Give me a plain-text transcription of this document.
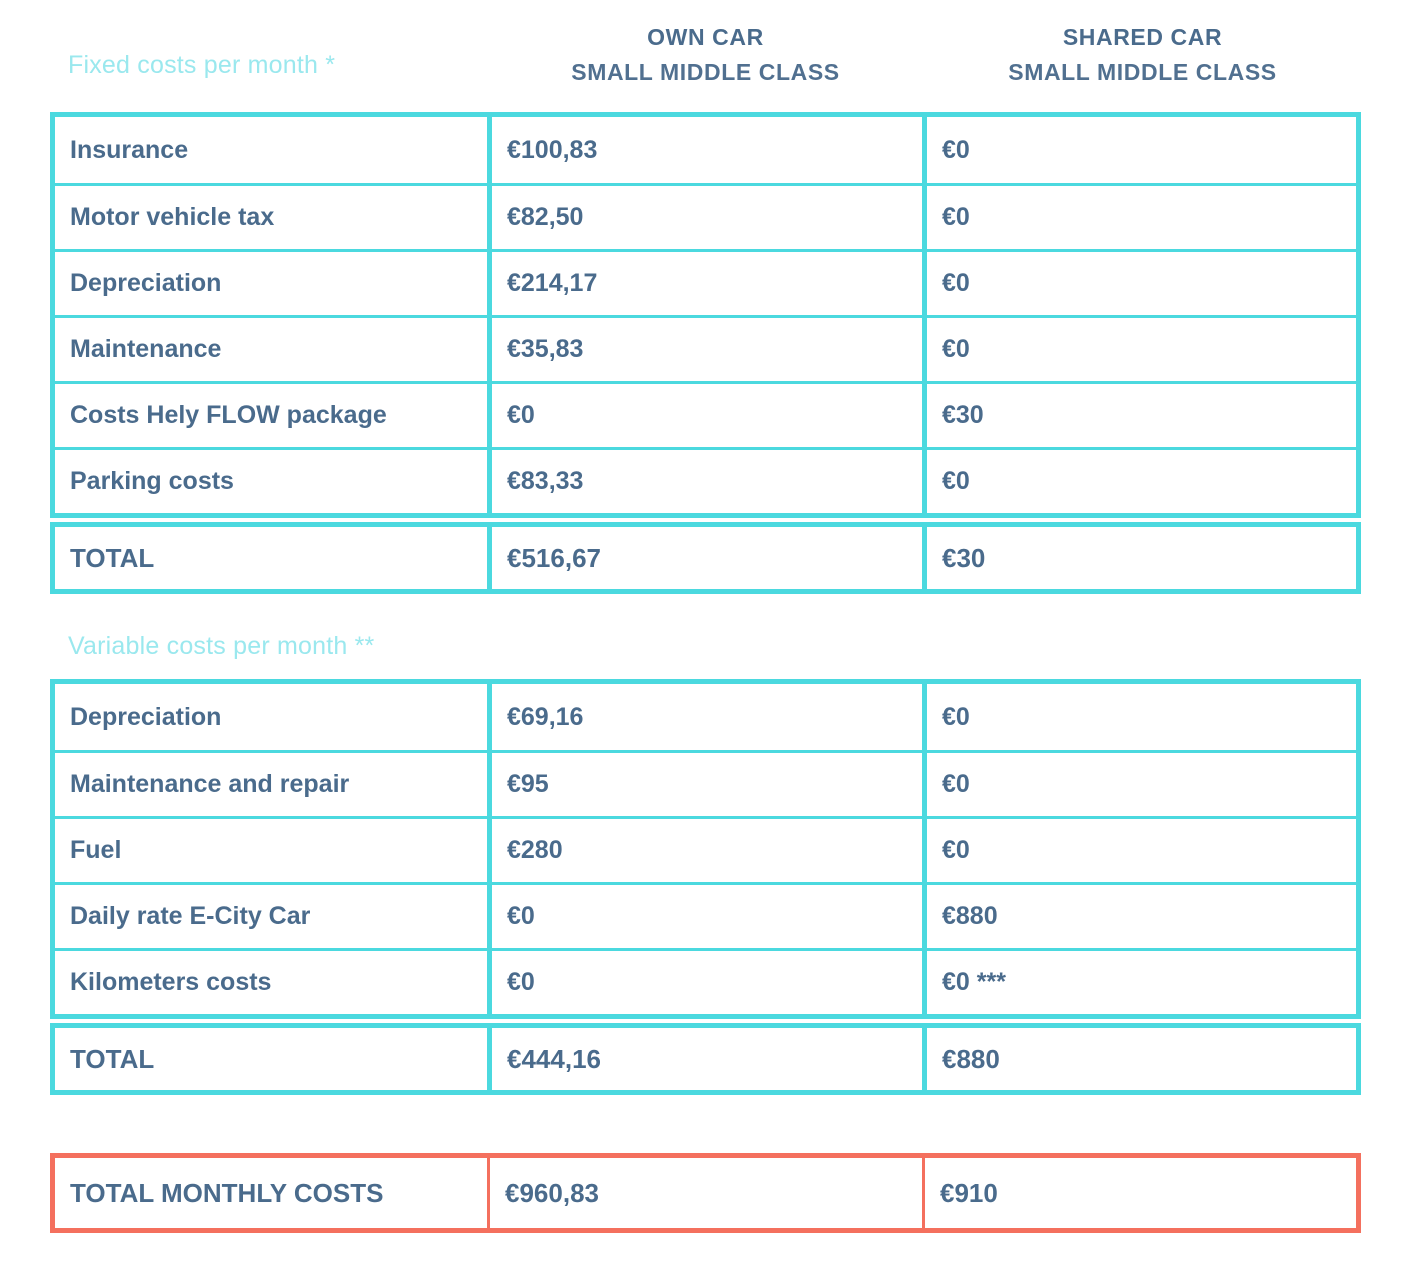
Fixed costs per month *
OWN CAR
SMALL MIDDLE CLASS
SHARED CAR
SMALL MIDDLE CLASS
Insurance	€100,83	€0
Motor vehicle tax	€82,50	€0
Depreciation	€214,17	€0
Maintenance	€35,83	€0
Costs Hely FLOW package	€0	€30
Parking costs	€83,33	€0
TOTAL	€516,67	€30
Variable costs per month **
Depreciation	€69,16	€0
Maintenance and repair	€95	€0
Fuel	€280	€0
Daily rate E-City Car	€0	€880
Kilometers costs	€0	€0 ***
TOTAL	€444,16	€880
TOTAL MONTHLY COSTS	€960,83	€910
